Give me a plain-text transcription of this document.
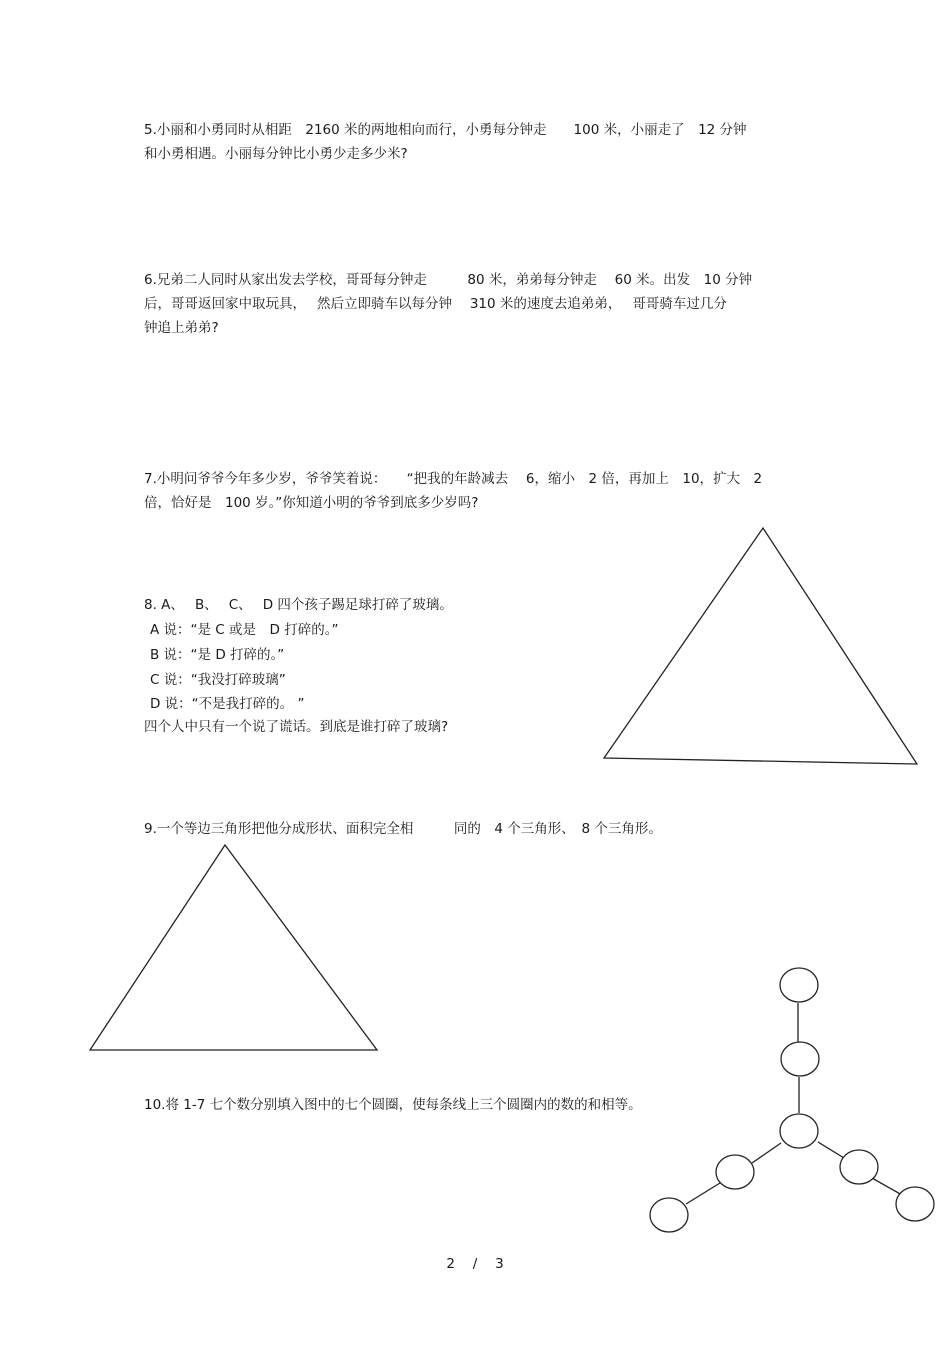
5.小丽和小勇同时从相距　2160 米的两地相向而行，小勇每分钟走　　100 米，小丽走了　12 分钟

和小勇相遇。小丽每分钟比小勇少走多少米?

6.兄弟二人同时从家出发去学校，哥哥每分钟走　　　80 米，弟弟每分钟走　 60 米。出发　10 分钟

后，哥哥返回家中取玩具，　 然后立即骑车以每分钟　 310 米的速度去追弟弟，　 哥哥骑车过几分

钟追上弟弟?

7.小明问爷爷今年多少岁，爷爷笑着说：　　“把我的年龄减去　 6，缩小　2 倍，再加上　10，扩大　2

倍，恰好是　100 岁。”你知道小明的爷爷到底多少岁吗?

8. A、　 B、　 C、　 D 四个孩子踢足球打碎了玻璃。

A 说：“是 C 或是　D 打碎的。”

B 说：“是 D 打碎的。”

C 说：“我没打碎玻璃”

D 说：“不是我打碎的。 ”

四个人中只有一个说了谎话。到底是谁打碎了玻璃?

9.一个等边三角形把他分成形状、面积完全相　　　同的　4 个三角形、　8 个三角形。

10.将 1-7 七个数分别填入图中的七个圆圈，使每条线上三个圆圈内的数的和相等。

2　 /　 3
